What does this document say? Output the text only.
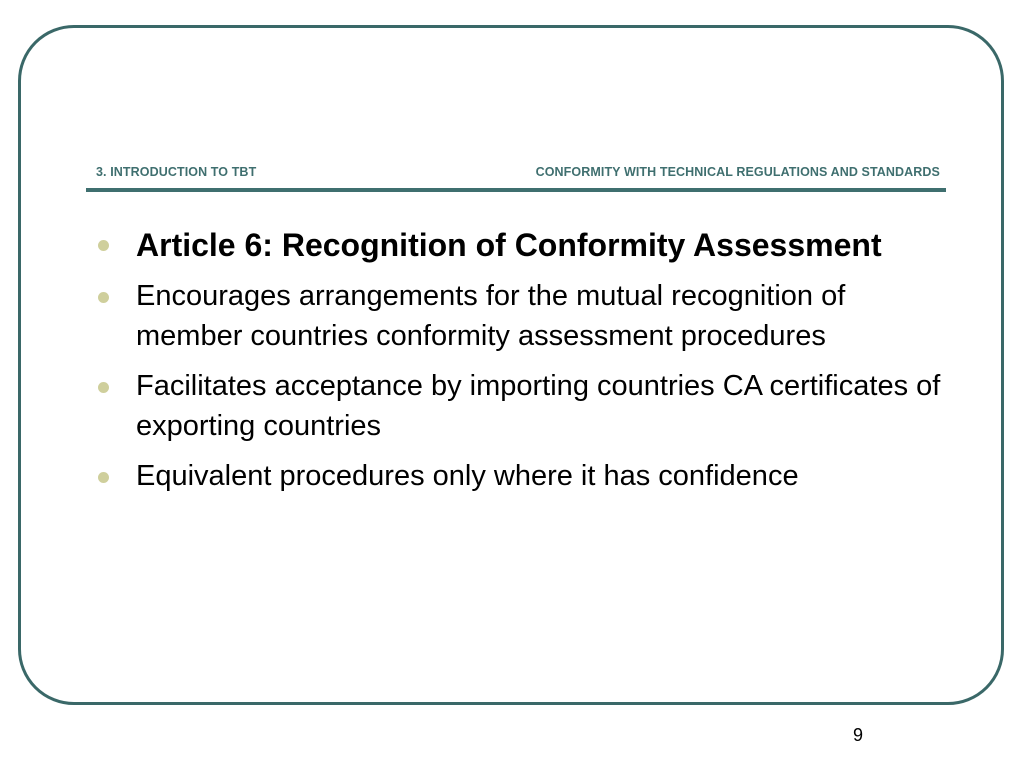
3. INTRODUCTION TO TBT	CONFORMITY WITH TECHNICAL REGULATIONS AND STANDARDS
Article 6: Recognition of Conformity Assessment
Encourages arrangements for the mutual recognition of member countries conformity assessment procedures
Facilitates acceptance by importing countries CA certificates of exporting countries
Equivalent procedures only where it has confidence
9
